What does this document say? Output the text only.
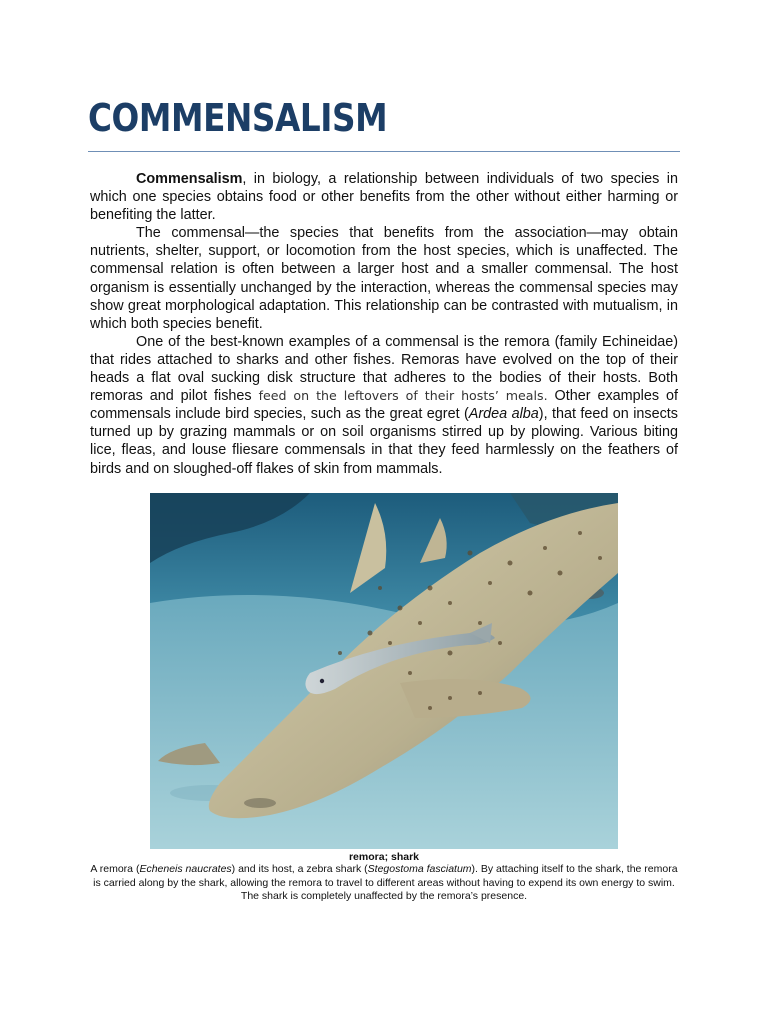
COMMENSALISM

Commensalism, in biology, a relationship between individuals of two species in which one species obtains food or other benefits from the other without either harming or benefiting the latter.

The commensal—the species that benefits from the association—may obtain nutrients, shelter, support, or locomotion from the host species, which is unaffected. The commensal relation is often between a larger host and a smaller commensal. The host organism is essentially unchanged by the interaction, whereas the commensal species may show great morphological adaptation. This relationship can be contrasted with mutualism, in which both species benefit.

One of the best-known examples of a commensal is the remora (family Echineidae) that rides attached to sharks and other fishes. Remoras have evolved on the top of their heads a flat oval sucking disk structure that adheres to the bodies of their hosts. Both remoras and pilot fishes feed on the leftovers of their hosts’ meals. Other examples of commensals include bird species, such as the great egret (Ardea alba), that feed on insects turned up by grazing mammals or on soil organisms stirred up by plowing. Various biting lice, fleas, and louse fliesare commensals in that they feed harmlessly on the feathers of birds and on sloughed-off flakes of skin from mammals.

remora; shark
A remora (Echeneis naucrates) and its host, a zebra shark (Stegostoma fasciatum). By attaching itself to the shark, the remora is carried along by the shark, allowing the remora to travel to different areas without having to expend its own energy to swim. The shark is completely unaffected by the remora’s presence.
